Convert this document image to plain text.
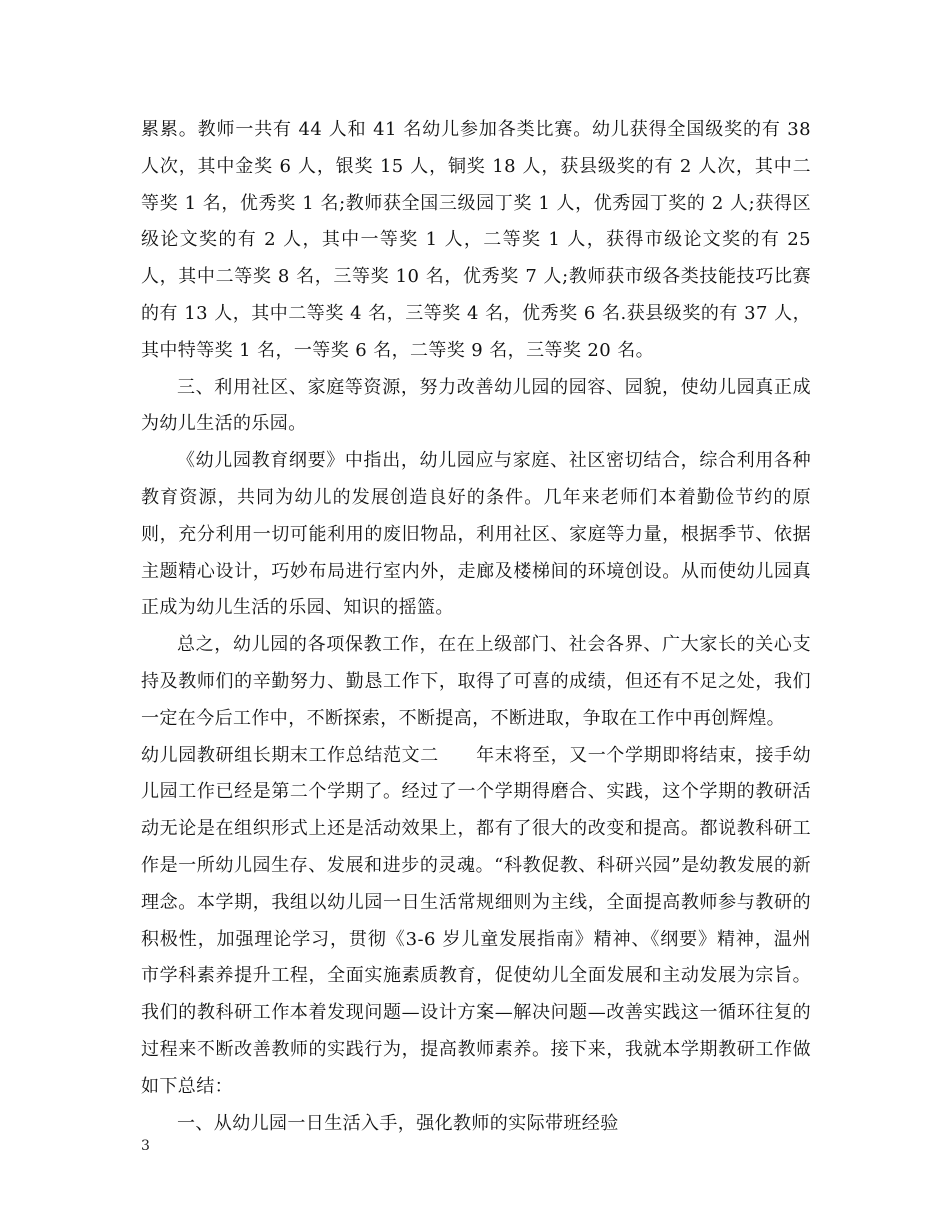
累累。教师一共有 44 人和 41 名幼儿参加各类比赛。幼儿获得全国级奖的有 38 人次，其中金奖 6 人，银奖 15 人，铜奖 18 人，获县级奖的有 2 人次，其中二等奖 1 名，优秀奖 1 名;教师获全国三级园丁奖 1 人，优秀园丁奖的 2 人;获得区级论文奖的有 2 人，其中一等奖 1 人，二等奖 1 人，获得市级论文奖的有 25 人，其中二等奖 8 名，三等奖 10 名，优秀奖 7 人;教师获市级各类技能技巧比赛的有 13 人，其中二等奖 4 名，三等奖 4 名，优秀奖 6 名.获县级奖的有 37 人，其中特等奖 1 名，一等奖 6 名，二等奖 9 名，三等奖 20 名。

三、利用社区、家庭等资源，努力改善幼儿园的园容、园貌，使幼儿园真正成为幼儿生活的乐园。

《幼儿园教育纲要》中指出，幼儿园应与家庭、社区密切结合，综合利用各种教育资源，共同为幼儿的发展创造良好的条件。几年来老师们本着勤俭节约的原则，充分利用一切可能利用的废旧物品，利用社区、家庭等力量，根据季节、依据主题精心设计，巧妙布局进行室内外，走廊及楼梯间的环境创设。从而使幼儿园真正成为幼儿生活的乐园、知识的摇篮。

总之，幼儿园的各项保教工作，在在上级部门、社会各界、广大家长的关心支持及教师们的辛勤努力、勤恳工作下，取得了可喜的成绩，但还有不足之处，我们一定在今后工作中，不断探索，不断提高，不断进取，争取在工作中再创辉煌。

幼儿园教研组长期末工作总结范文二　　年末将至，又一个学期即将结束，接手幼儿园工作已经是第二个学期了。经过了一个学期得磨合、实践，这个学期的教研活动无论是在组织形式上还是活动效果上，都有了很大的改变和提高。都说教科研工作是一所幼儿园生存、发展和进步的灵魂。“科教促教、科研兴园”是幼教发展的新理念。本学期，我组以幼儿园一日生活常规细则为主线，全面提高教师参与教研的积极性，加强理论学习，贯彻《3-6 岁儿童发展指南》精神、《纲要》精神，温州市学科素养提升工程，全面实施素质教育，促使幼儿全面发展和主动发展为宗旨。我们的教科研工作本着发现问题—设计方案—解决问题—改善实践这一循环往复的过程来不断改善教师的实践行为，提高教师素养。接下来，我就本学期教研工作做如下总结：

一、从幼儿园一日生活入手，强化教师的实际带班经验

3
